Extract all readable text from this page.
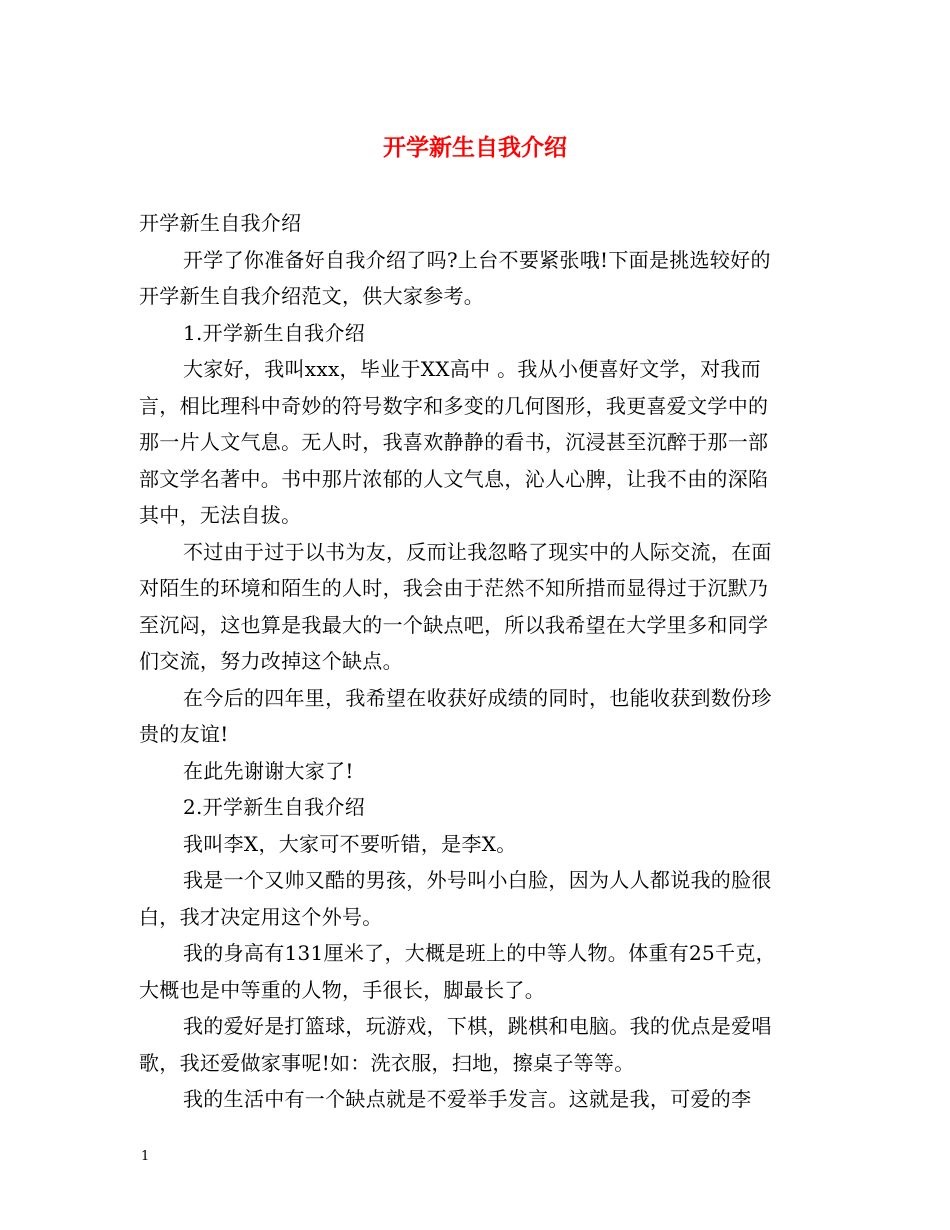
开学新生自我介绍
开学新生自我介绍
开学了你准备好自我介绍了吗?上台不要紧张哦!下面是挑选较好的
开学新生自我介绍范文，供大家参考。
1.开学新生自我介绍
大家好，我叫xxx，毕业于XX高中 。我从小便喜好文学，对我而
言，相比理科中奇妙的符号数字和多变的几何图形，我更喜爱文学中的
那一片人文气息。无人时，我喜欢静静的看书，沉浸甚至沉醉于那一部
部文学名著中。书中那片浓郁的人文气息，沁人心脾，让我不由的深陷
其中，无法自拔。
不过由于过于以书为友，反而让我忽略了现实中的人际交流，在面
对陌生的环境和陌生的人时，我会由于茫然不知所措而显得过于沉默乃
至沉闷，这也算是我最大的一个缺点吧，所以我希望在大学里多和同学
们交流，努力改掉这个缺点。
在今后的四年里，我希望在收获好成绩的同时，也能收获到数份珍
贵的友谊!
在此先谢谢大家了!
2.开学新生自我介绍
我叫李X，大家可不要听错，是李X。
我是一个又帅又酷的男孩，外号叫小白脸，因为人人都说我的脸很
白，我才决定用这个外号。
我的身高有131厘米了，大概是班上的中等人物。体重有25千克，
大概也是中等重的人物，手很长，脚最长了。
我的爱好是打篮球，玩游戏，下棋，跳棋和电脑。我的优点是爱唱
歌，我还爱做家事呢!如：洗衣服，扫地，擦桌子等等。
我的生活中有一个缺点就是不爱举手发言。这就是我，可爱的李
1
